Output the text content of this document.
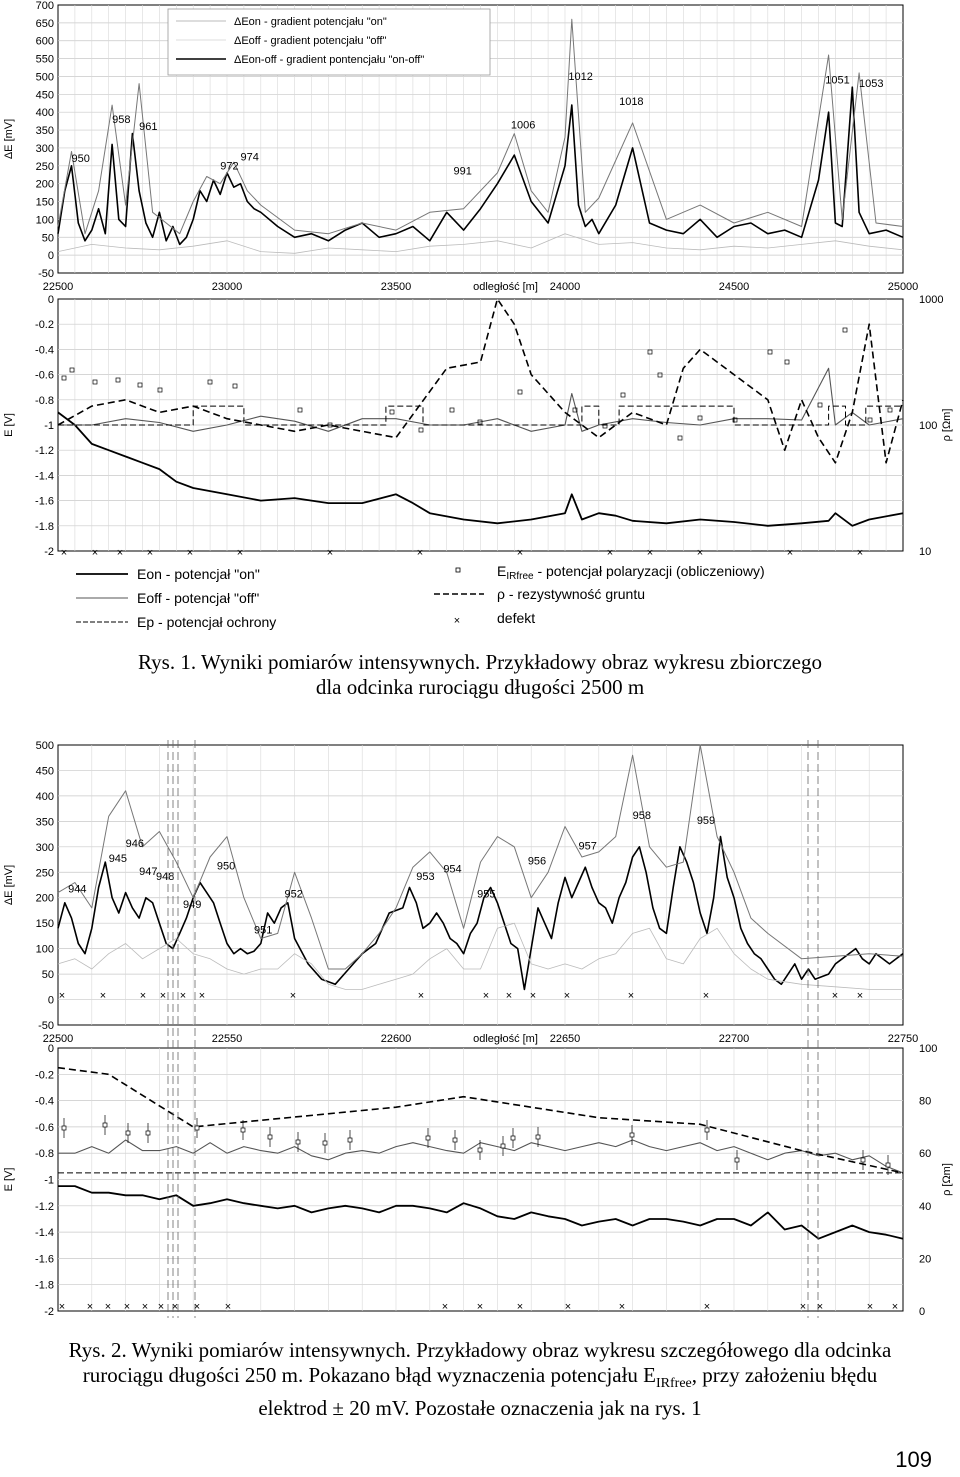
700
650
600
550
500
450
400
350
300
250
200
150
100
50
0
-50
ΔE [mV]
22500	23000	23500	24000	24500	25000
odległość [m]
950
958
961
972
974
991
1006
1012
1018
1051 1053
0
-0.2
-0.4
-0.6
-0.8
-1
-1.2
-1.4
-1.6
-1.8
-2
E [V]
1000
100
10
ρ [Ωm]
500
450
400
350
300
250
200
150
100
50
0
-50
ΔE [mV]
22500	22550	22600	22650	22700	22750
odległość [m]
944
945
946
947
948
949
950
951
952
953
954
955
956
957
958	959
0
-0.2
-0.4
-0.6
-0.8
-1
-1.2
-1.4
-1.6
-1.8
-2
E [V]
100
80
60
40
20
0
ρ [Ωm]
ΔEon - gradient potencjału "on"
ΔEoff - gradient potencjału "off"
ΔEon-off - gradient pontencjału "on-off"
Eon - potencjał "on"
Eoff - potencjał "off"
Ep - potencjał ochrony
$E_{IRfree}$ - potencjał polaryzacji (obliczeniowy)
ρ - rezystywność gruntu
×	defekt
× × × ×	×	×	×	×	×	×	×	×	×	×
× × × × × × × × ×	×	×	×	×	×	×	× ×	× ×
×	×	× × × ×	×	×	× × ×	×	×	×	× ×
Rys. 1. Wyniki pomiarów intensywnych. Przykładowy obraz wykresu zbiorczego
dla odcinka rurociągu długości 2500 m
Rys. 2. Wyniki pomiarów intensywnych. Przykładowy obraz wykresu szczegółowego dla odcinka
rurociągu długości 250 m. Pokazano błąd wyznaczenia potencjału $E_{IRfree}$, przy założeniu błędu
elektrod ± 20 mV. Pozostałe oznaczenia jak na rys. 1
109
